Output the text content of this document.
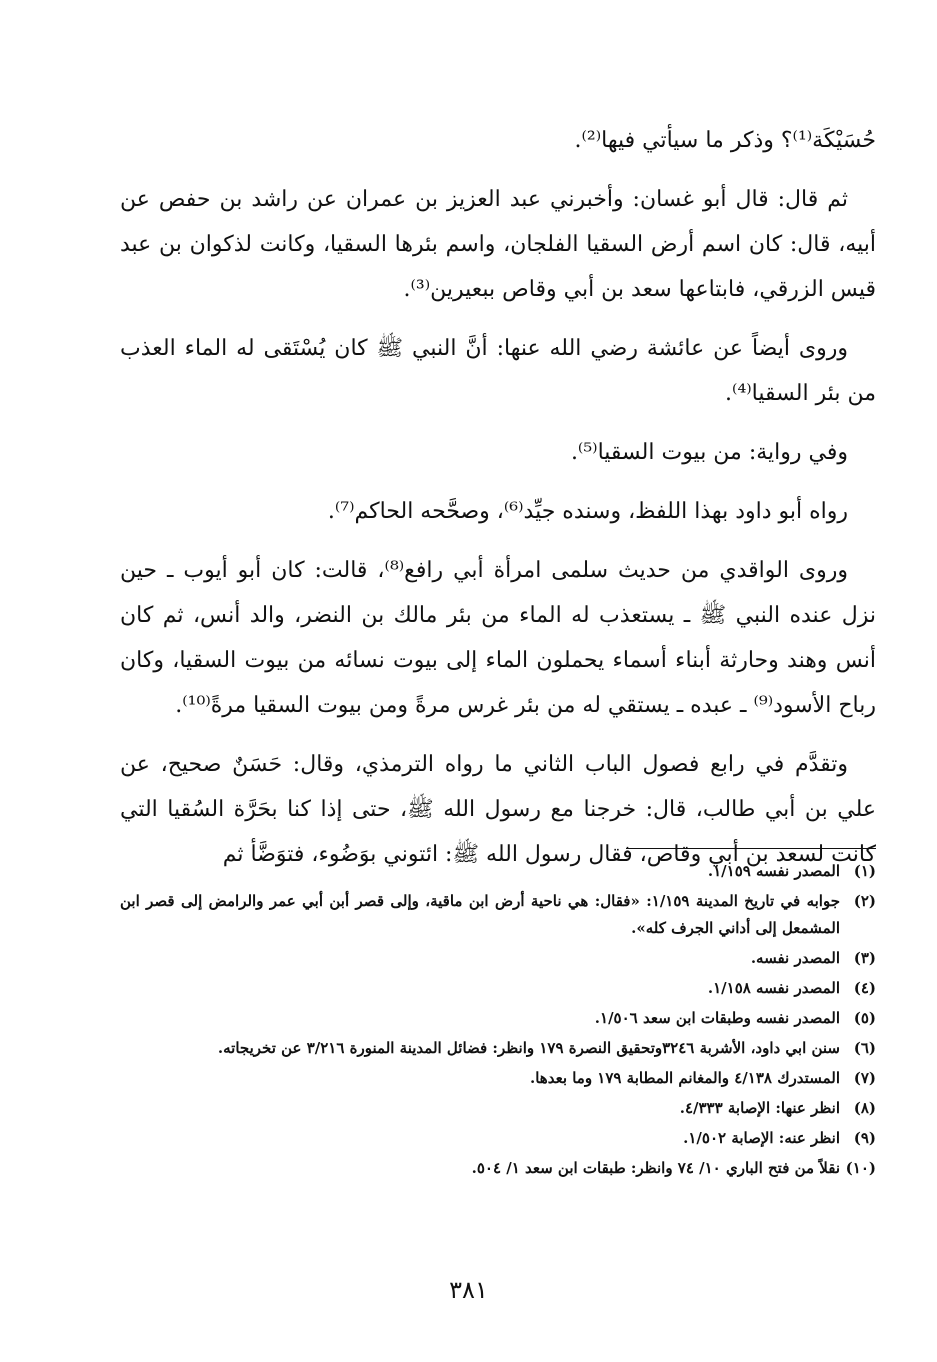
حُسَيْكَة⁽¹⁾؟ وذكر ما سيأتي فيها⁽²⁾.

ثم قال: قال أبو غسان: وأخبرني عبد العزيز بن عمران عن راشد بن حفص عن أبيه، قال: كان اسم أرض السقيا الفلجان، واسم بئرها السقيا، وكانت لذكوان بن عبد قيس الزرقي، فابتاعها سعد بن أبي وقاص ببعيرين⁽³⁾.

وروى أيضاً عن عائشة رضي الله عنها: أنَّ النبي ﷺ كان يُسْتَقى له الماء العذب من بئر السقيا⁽⁴⁾.

وفي رواية: من بيوت السقيا⁽⁵⁾.

رواه أبو داود بهذا اللفظ، وسنده جيِّد⁽⁶⁾، وصحَّحه الحاكم⁽⁷⁾.

وروى الواقدي من حديث سلمى امرأة أبي رافع⁽⁸⁾، قالت: كان أبو أيوب ـ حين نزل عنده النبي ﷺ ـ يستعذب له الماء من بئر مالك بن النضر، والد أنس، ثم كان أنس وهند وحارثة أبناء أسماء يحملون الماء إلى بيوت نسائه من بيوت السقيا، وكان رباح الأسود⁽⁹⁾ ـ عبده ـ يستقي له من بئر غرس مرةً ومن بيوت السقيا مرةً⁽¹⁰⁾.

وتقدَّم في رابع فصول الباب الثاني ما رواه الترمذي، وقال: حَسَنٌ صحيح، عن علي بن أبي طالب، قال: خرجنا مع رسول الله ﷺ، حتى إذا كنا بحَرَّة السُقيا التي كانت لسعد بن أبي وقاص، فقال رسول الله ﷺ: ائتوني بوَضُوء، فتوَضَّأ ثم

(١)
المصدر نفسه ١/١٥٩.
(٢)
جوابه في تاريخ المدينة ١/١٥٩: «فقال: هي ناحية أرض ابن ماقية، وإلى قصر أبن أبي عمر والرامض إلى قصر ابن المشمعل إلى أداني الجرف كله».
(٣)
المصدر نفسه.
(٤)
المصدر نفسه ١/١٥٨.
(٥)
المصدر نفسه وطبقات ابن سعد ١/٥٠٦.
(٦)
سنن ابي داود، الأشربة ٣٢٤٦وتحقيق النصرة ١٧٩ وانظر: فضائل المدينة المنورة ٣/٢١٦ عن تخريجاته.
(٧)
المستدرك ٤/١٣٨ والمغانم المطابة ١٧٩ وما بعدها.
(٨)
انظر عنها: الإصابة ٤/٣٣٣.
(٩)
انظر عنه: الإصابة ١/٥٠٢.
(١٠)
نقلاً من فتح الباري ١٠/ ٧٤ وانظر: طبقات ابن سعد ١/ ٥٠٤.
٣٨١
